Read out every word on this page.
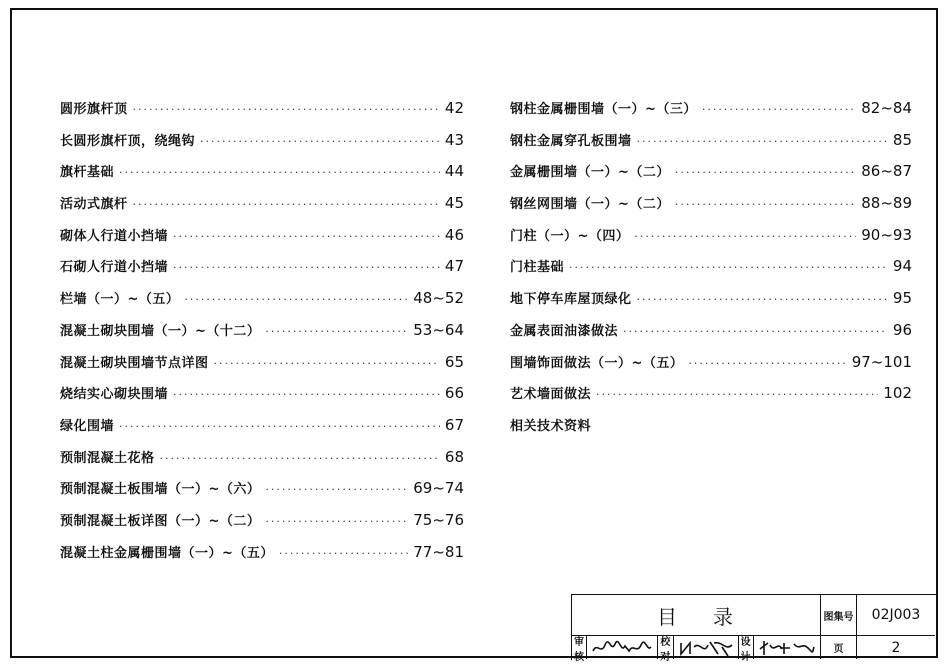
圆形旗杆顶 ·····	42
长圆形旗杆顶，绕绳钩 ·····	43
旗杆基础 ·····	44
活动式旗杆 ·····	45
砌体人行道小挡墙 ·····	46
石砌人行道小挡墙 ·····	47
栏墙（一）~（五） ·····	48~52
混凝土砌块围墙（一）~（十二） ·····	53~64
混凝土砌块围墙节点详图 ·····	65
烧结实心砌块围墙 ·····	66
绿化围墙 ·····	67
预制混凝土花格 ·····	68
预制混凝土板围墙（一）~（六） ·····	69~74
预制混凝土板详图（一）~（二） ·····	75~76
混凝土柱金属栅围墙（一）~（五） ·····	77~81
钢柱金属栅围墙（一）~（三） ·····	82~84
钢柱金属穿孔板围墙 ·····	85
金属栅围墙（一）~（二） ·····	86~87
钢丝网围墙（一）~（二） ·····	88~89
门柱（一）~（四） ·····	90~93
门柱基础 ·····	94
地下停车库屋顶绿化 ·····	95
金属表面油漆做法 ·····	96
围墙饰面做法（一）~（五） ·····	97~101
艺术墙面做法 ·····	102
相关技术资料
目录	图集号	02J003
审核
校对
设计
页	2
